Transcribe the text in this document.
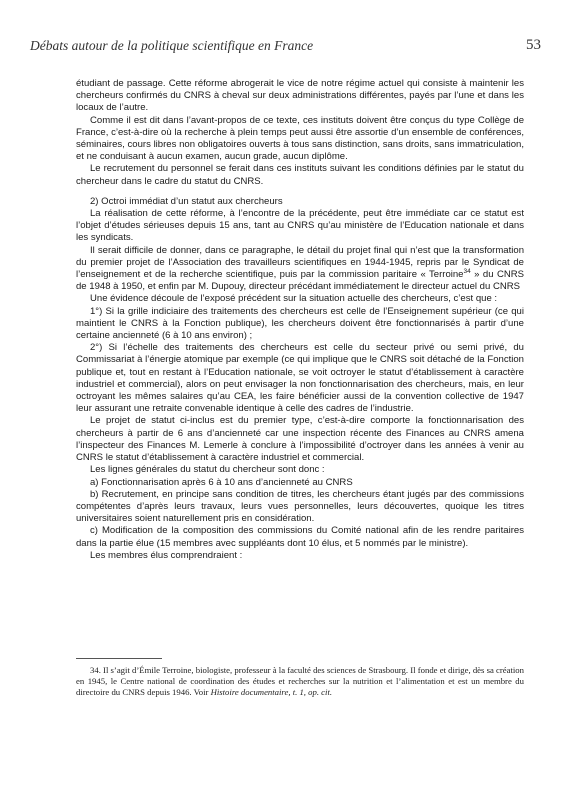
Débats autour de la politique scientifique en France	53

étudiant de passage. Cette réforme abrogerait le vice de notre régime actuel qui consiste à maintenir les chercheurs confirmés du CNRS à cheval sur deux administrations différentes, payés par l’une et dans les locaux de l’autre.

Comme il est dit dans l’avant-propos de ce texte, ces instituts doivent être conçus du type Collège de France, c’est-à-dire où la recherche à plein temps peut aussi être assortie d’un ensemble de conférences, séminaires, cours libres non obligatoires ouverts à tous sans distinction, sans droits, sans immatriculation, et ne conduisant à aucun examen, aucun grade, aucun diplôme.

Le recrutement du personnel se ferait dans ces instituts suivant les conditions définies par le statut du chercheur dans le cadre du statut du CNRS.

2) Octroi immédiat d’un statut aux chercheurs

La réalisation de cette réforme, à l’encontre de la précédente, peut être immédiate car ce statut est l’objet d’études sérieuses depuis 15 ans, tant au CNRS qu’au ministère de l’Education nationale et dans les syndicats.

Il serait difficile de donner, dans ce paragraphe, le détail du projet final qui n’est que la transformation du premier projet de l’Association des travailleurs scientifiques en 1944-1945, repris par le Syndicat de l’enseignement et de la recherche scientifique, puis par la commission paritaire « Terroine$^{34}$ » du CNRS de 1948 à 1950, et enfin par M. Dupouy, directeur précédant immédiatement le directeur actuel du CNRS

Une évidence découle de l’exposé précédent sur la situation actuelle des chercheurs, c’est que :

1°) Si la grille indiciaire des traitements des chercheurs est celle de l’Enseignement supérieur (ce qui maintient le CNRS à la Fonction publique), les chercheurs doivent être fonctionnarisés à partir d’une certaine ancienneté (6 à 10 ans environ) ;

2°) Si l’échelle des traitements des chercheurs est celle du secteur privé ou semi privé, du Commissariat à l’énergie atomique par exemple (ce qui implique que le CNRS soit détaché de la Fonction publique et, tout en restant à l’Education nationale, se voit octroyer le statut d’établissement à caractère industriel et commercial), alors on peut envisager la non fonctionnarisation des chercheurs, mais, en leur octroyant les mêmes salaires qu’au CEA, les faire bénéficier aussi de la convention collective de 1947 leur assurant une retraite convenable identique à celle des cadres de l’industrie.

Le projet de statut ci-inclus est du premier type, c’est-à-dire comporte la fonctionnarisation des chercheurs à partir de 6 ans d’ancienneté car une inspection récente des Finances au CNRS amena l’inspecteur des Finances M. Lemerle à conclure à l’impossibilité d’octroyer dans les années à venir au CNRS le statut d’établissement à caractère industriel et commercial.

Les lignes générales du statut du chercheur sont donc :

a) Fonctionnarisation après 6 à 10 ans d’ancienneté au CNRS

b) Recrutement, en principe sans condition de titres, les chercheurs étant jugés par des commissions compétentes d’après leurs travaux, leurs vues personnelles, leurs découvertes, quoique les titres universitaires soient naturellement pris en considération.

c) Modification de la composition des commissions du Comité national afin de les rendre paritaires dans la partie élue (15 membres avec suppléants dont 10 élus, et 5 nommés par le ministre).

Les membres élus comprendraient :

34. Il s’agit d’Émile Terroine, biologiste, professeur à la faculté des sciences de Strasbourg. Il fonde et dirige, dès sa création en 1945, le Centre national de coordination des études et recherches sur la nutrition et l’alimentation et est un membre du directoire du CNRS depuis 1946. Voir Histoire documentaire, t. 1, op. cit.
